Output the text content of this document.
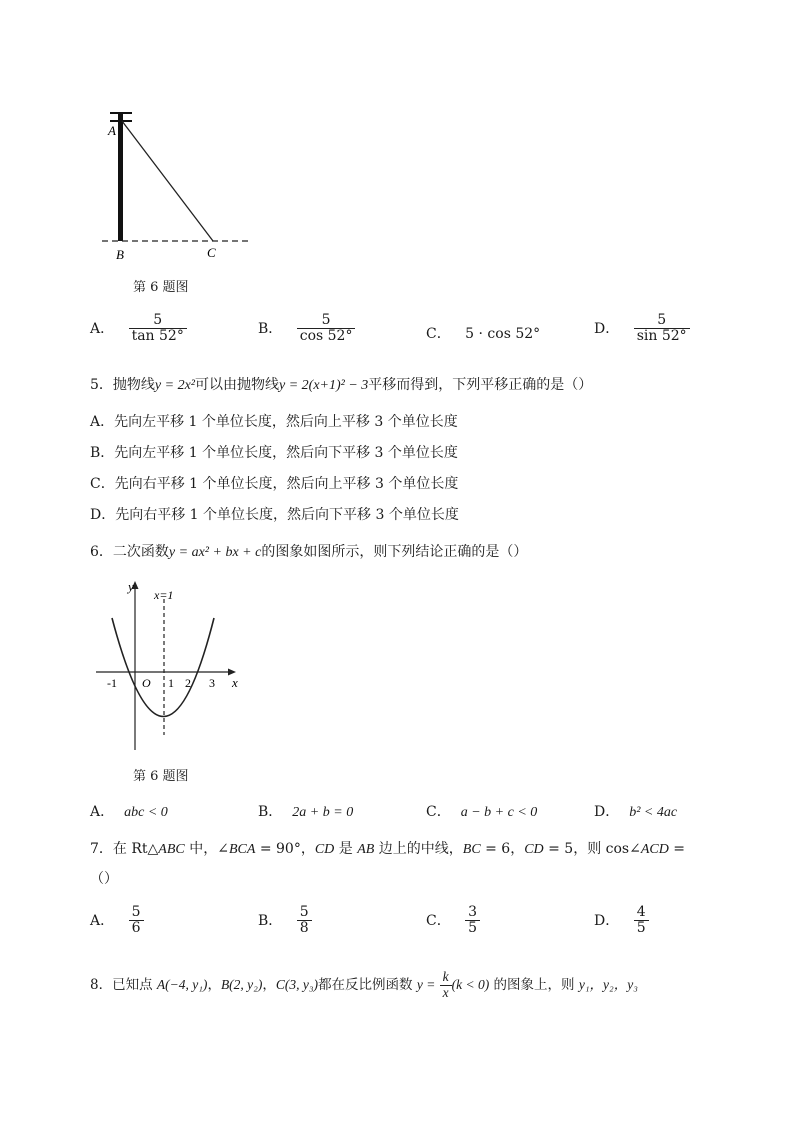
A
B	C
第 6 题图
A． $\frac{5}{\tan 52^\circ}$	B． $\frac{5}{\cos 52^\circ}$	C． 5 · cos 52°	D． $\frac{5}{\sin 52^\circ}$
5．抛物线y = 2x²可以由抛物线y = 2(x+1)² − 3平移而得到，下列平移正确的是（）
A．先向左平移 1 个单位长度，然后向上平移 3 个单位长度
B．先向左平移 1 个单位长度，然后向下平移 3 个单位长度
C．先向右平移 1 个单位长度，然后向上平移 3 个单位长度
D．先向右平移 1 个单位长度，然后向下平移 3 个单位长度
6．二次函数y = ax² + bx + c的图象如图所示，则下列结论正确的是（）
y
x
x=1
O
-1	1 2 3
第 6 题图
A． abc < 0	B． 2a + b = 0	C． a − b + c < 0	D． b² < 4ac
7．在 Rt△ABC 中，∠BCA = 90°，CD 是 AB 边上的中线，BC = 6，CD = 5，则 cos∠ACD =
（）
A． $\frac{5}{6}$	B． $\frac{5}{8}$	C． $\frac{3}{5}$	D． $\frac{4}{5}$
8．已知点 A(−4, y₁)，B(2, y₂)，C(3, y₃)都在反比例函数 $y = \frac{k}{x} (k < 0)$ 的图象上，则 y₁，y₂，y₃
